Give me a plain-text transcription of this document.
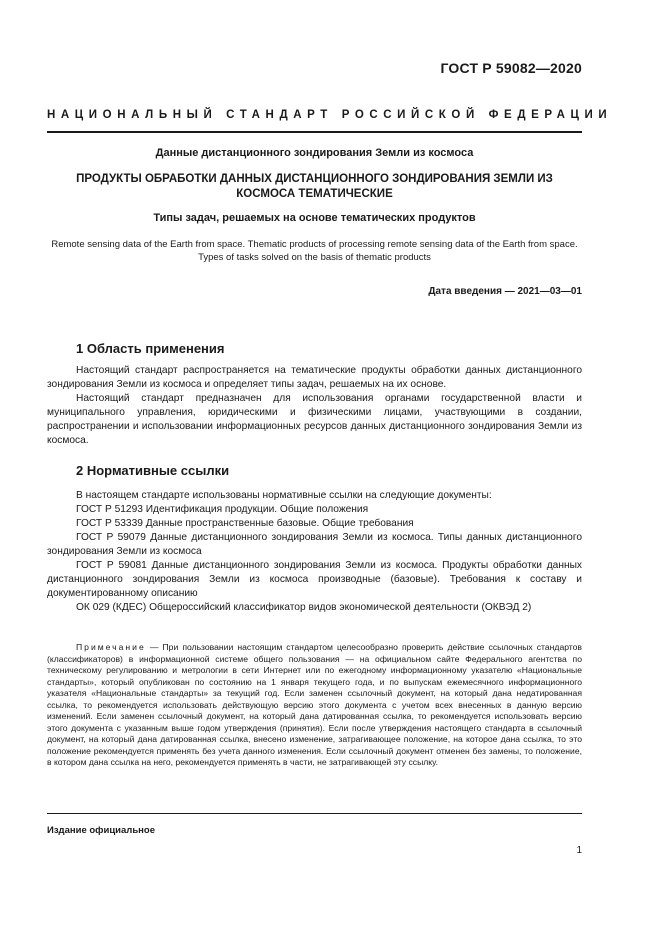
ГОСТ Р 59082—2020
НАЦИОНАЛЬНЫЙ СТАНДАРТ РОССИЙСКОЙ ФЕДЕРАЦИИ
Данные дистанционного зондирования Земли из космоса
ПРОДУКТЫ ОБРАБОТКИ ДАННЫХ ДИСТАНЦИОННОГО ЗОНДИРОВАНИЯ ЗЕМЛИ ИЗ КОСМОСА ТЕМАТИЧЕСКИЕ
Типы задач, решаемых на основе тематических продуктов
Remote sensing data of the Earth from space. Thematic products of processing remote sensing data of the Earth from space. Types of tasks solved on the basis of thematic products
Дата введения — 2021—03—01
1 Область применения

Настоящий стандарт распространяется на тематические продукты обработки данных дистанционного зондирования Земли из космоса и определяет типы задач, решаемых на их основе.

Настоящий стандарт предназначен для использования органами государственной власти и муниципального управления, юридическими и физическими лицами, участвующими в создании, распространении и использовании информационных ресурсов данных дистанционного зондирования Земли из космоса.

2 Нормативные ссылки

В настоящем стандарте использованы нормативные ссылки на следующие документы:

ГОСТ Р 51293 Идентификация продукции. Общие положения

ГОСТ Р 53339 Данные пространственные базовые. Общие требования

ГОСТ Р 59079 Данные дистанционного зондирования Земли из космоса. Типы данных дистанционного зондирования Земли из космоса

ГОСТ Р 59081 Данные дистанционного зондирования Земли из космоса. Продукты обработки данных дистанционного зондирования Земли из космоса производные (базовые). Требования к составу и документированному описанию

ОК 029 (КДЕС) Общероссийский классификатор видов экономической деятельности (ОКВЭД 2)

Примечание — При пользовании настоящим стандартом целесообразно проверить действие ссылочных стандартов (классификаторов) в информационной системе общего пользования — на официальном сайте Федерального агентства по техническому регулированию и метрологии в сети Интернет или по ежегодному информационному указателю «Национальные стандарты», который опубликован по состоянию на 1 января текущего года, и по выпускам ежемесячного информационного указателя «Национальные стандарты» за текущий год. Если заменен ссылочный документ, на который дана недатированная ссылка, то рекомендуется использовать действующую версию этого документа с учетом всех внесенных в данную версию изменений. Если заменен ссылочный документ, на который дана датированная ссылка, то рекомендуется использовать версию этого документа с указанным выше годом утверждения (принятия). Если после утверждения настоящего стандарта в ссылочный документ, на который дана датированная ссылка, внесено изменение, затрагивающее положение, на которое дана ссылка, то это положение рекомендуется применять без учета данного изменения. Если ссылочный документ отменен без замены, то положение, в котором дана ссылка на него, рекомендуется применять в части, не затрагивающей эту ссылку.
Издание официальное
1
